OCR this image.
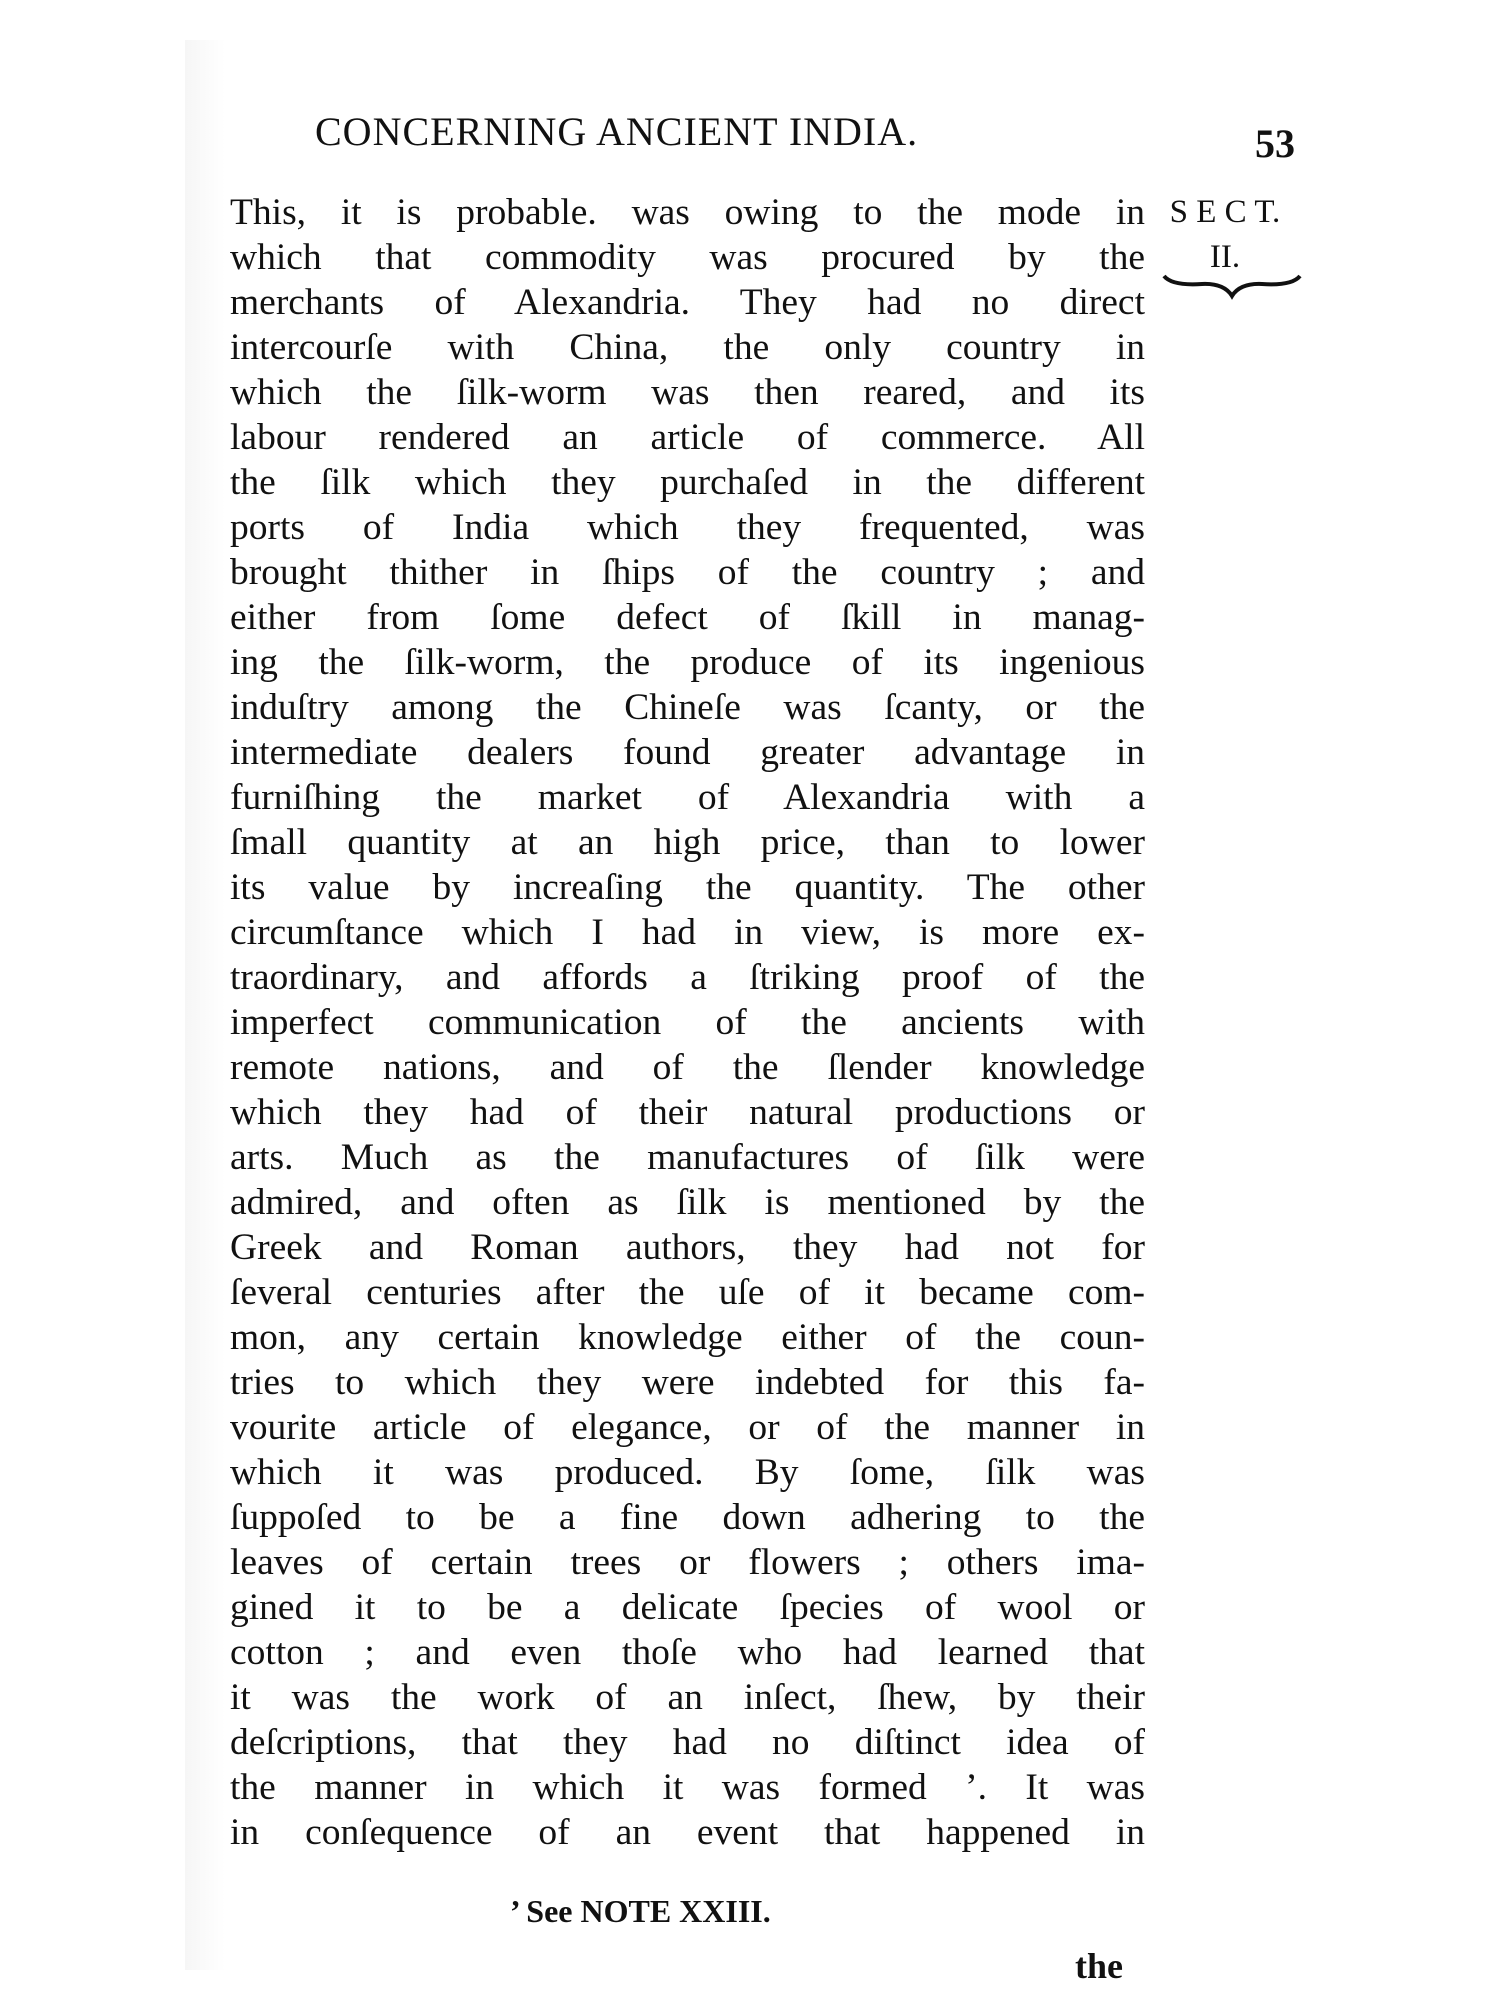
CONCERNING ANCIENT INDIA.	53
S E C T.
II.
This, it is probable. was owing to the mode in
which that commodity was procured by the
merchants of Alexandria. They had no direct
intercourſe with China, the only country in
which the ſilk-worm was then reared, and its
labour rendered an article of commerce. All
the ſilk which they purchaſed in the different
ports of India which they frequented, was
brought thither in ſhips of the country ; and
either from ſome defect of ſkill in manag-
ing the ſilk-worm, the produce of its ingenious
induſtry among the Chineſe was ſcanty, or the
intermediate dealers found greater advantage in
furniſhing the market of Alexandria with a
ſmall quantity at an high price, than to lower
its value by increaſing the quantity. The other
circumſtance which I had in view, is more ex-
traordinary, and affords a ſtriking proof of the
imperfect communication of the ancients with
remote nations, and of the ſlender knowledge
which they had of their natural productions or
arts. Much as the manufactures of ſilk were
admired, and often as ſilk is mentioned by the
Greek and Roman authors, they had not for
ſeveral centuries after the uſe of it became com-
mon, any certain knowledge either of the coun-
tries to which they were indebted for this fa-
vourite article of elegance, or of the manner in
which it was produced. By ſome, ſilk was
ſuppoſed to be a fine down adhering to the
leaves of certain trees or flowers ; others ima-
gined it to be a delicate ſpecies of wool or
cotton ; and even thoſe who had learned that
it was the work of an inſect, ſhew, by their
deſcriptions, that they had no diſtinct idea of
the manner in which it was formed ’. It was
in conſequence of an event that happened in
’ See NOTE XXIII.
the
